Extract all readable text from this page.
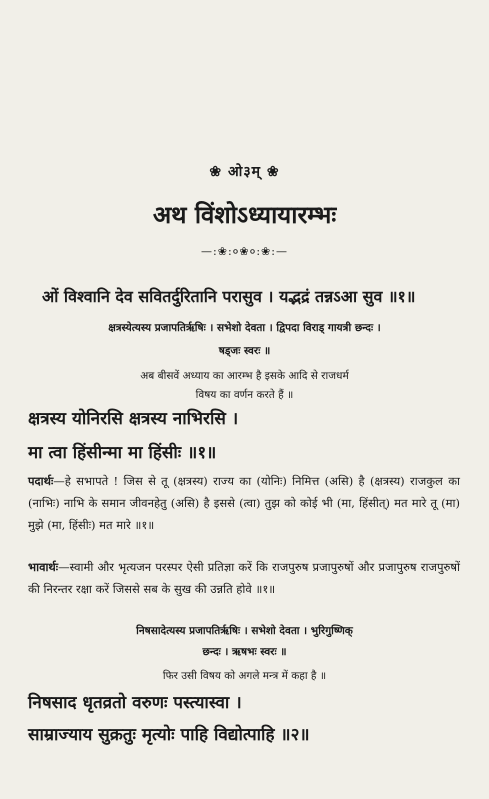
❀ ओ३म् ❀
अथ विंशोऽध्यायारम्भः
—:❀:०❀०:❀:—
ओं विश्वानि देव सवितर्दुरितानि परासुव । यद्भद्रं तन्नऽआ सुव ॥१॥
क्षत्रस्येत्यस्य प्रजापतिर्ऋषिः । सभेशो देवता । द्विपदा विराड् गायत्री छन्दः ।
षड्जः स्वरः ॥
अब बीसवें अध्याय का आरम्भ है इसके आदि से राजधर्म
विषय का वर्णन करते हैं ॥
क्षत्रस्य योनिरसि क्षत्रस्य नाभिरसि ।
मा त्वा हिंसीन्मा मा हिंसीः ॥१॥
पदार्थः—हे सभापते ! जिस से तू (क्षत्रस्य) राज्य का (योनिः) निमित्त (असि) है (क्षत्रस्य) राजकुल का (नाभिः) नाभि के समान जीवनहेतु (असि) है इससे (त्वा) तुझ को कोई भी (मा, हिंसीत्) मत मारे तू (मा) मुझे (मा, हिंसीः) मत मारे ॥१॥
भावार्थः—स्वामी और भृत्यजन परस्पर ऐसी प्रतिज्ञा करें कि राजपुरुष प्रजापुरुषों और प्रजापुरुष राजपुरुषों की निरन्तर रक्षा करें जिससे सब के सुख की उन्नति होवे ॥१॥
निषसादेत्यस्य प्रजापतिर्ऋषिः । सभेशो देवता । भुरिगुष्णिक्
छन्दः । ऋषभः स्वरः ॥
फिर उसी विषय को अगले मन्त्र में कहा है ॥
निषसाद धृतव्रतो वरुणः पस्त्यास्वा ।
साम्राज्याय सुक्रतुः मृत्योः पाहि विद्योत्पाहि ॥२॥
